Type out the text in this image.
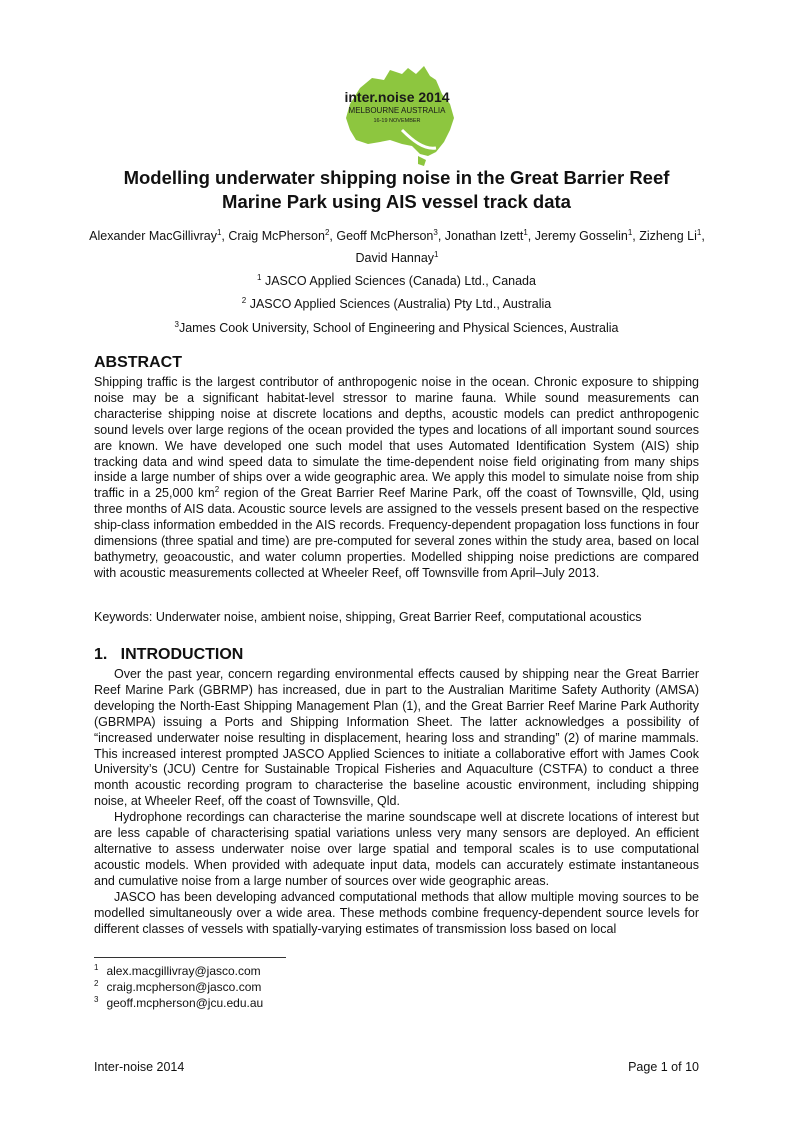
inter.noise 2014
MELBOURNE AUSTRALIA
16-19 NOVEMBER
Modelling underwater shipping noise in the Great Barrier Reef
Marine Park using AIS vessel track data
Alexander MacGillivray$^1$, Craig McPherson$^2$, Geoff McPherson$^3$, Jonathan Izett$^1$, Jeremy Gosselin$^1$, Zizheng Li$^1$,
David Hannay$^1$
$^1$ JASCO Applied Sciences (Canada) Ltd., Canada
$^2$ JASCO Applied Sciences (Australia) Pty Ltd., Australia
$^3$James Cook University, School of Engineering and Physical Sciences, Australia
ABSTRACT
Shipping traffic is the largest contributor of anthropogenic noise in the ocean. Chronic exposure to shipping noise may be a significant habitat-level stressor to marine fauna. While sound measurements can characterise shipping noise at discrete locations and depths, acoustic models can predict anthropogenic sound levels over large regions of the ocean provided the types and locations of all important sound sources are known. We have developed one such model that uses Automated Identification System (AIS) ship tracking data and wind speed data to simulate the time-dependent noise field originating from many ships inside a large number of ships over a wide geographic area. We apply this model to simulate noise from ship traffic in a 25,000 $km^2$ region of the Great Barrier Reef Marine Park, off the coast of Townsville, Qld, using three months of AIS data. Acoustic source levels are assigned to the vessels present based on the respective ship-class information embedded in the AIS records. Frequency-dependent propagation loss functions in four dimensions (three spatial and time) are pre-computed for several zones within the study area, based on local bathymetry, geoacoustic, and water column properties. Modelled shipping noise predictions are compared with acoustic measurements collected at Wheeler Reef, off Townsville from April–July 2013.
Keywords: Underwater noise, ambient noise, shipping, Great Barrier Reef, computational acoustics
1.   INTRODUCTION

Over the past year, concern regarding environmental effects caused by shipping near the Great Barrier Reef Marine Park (GBRMP) has increased, due in part to the Australian Maritime Safety Authority (AMSA) developing the North-East Shipping Management Plan (1), and the Great Barrier Reef Marine Park Authority (GBRMPA) issuing a Ports and Shipping Information Sheet. The latter acknowledges a possibility of “increased underwater noise resulting in displacement, hearing loss and stranding” (2) of marine mammals. This increased interest prompted JASCO Applied Sciences to initiate a collaborative effort with James Cook University’s (JCU) Centre for Sustainable Tropical Fisheries and Aquaculture (CSTFA) to conduct a three month acoustic recording program to characterise the baseline acoustic environment, including shipping noise, at Wheeler Reef, off the coast of Townsville, Qld.

Hydrophone recordings can characterise the marine soundscape well at discrete locations of interest but are less capable of characterising spatial variations unless very many sensors are deployed. An efficient alternative to assess underwater noise over large spatial and temporal scales is to use computational acoustic models. When provided with adequate input data, models can accurately estimate instantaneous and cumulative noise from a large number of sources over wide geographic areas.

JASCO has been developing advanced computational methods that allow multiple moving sources to be modelled simultaneously over a wide area. These methods combine frequency-dependent source levels for different classes of vessels with spatially-varying estimates of transmission loss based on local

$^1$ alex.macgillivray@jasco.com
$^2$ craig.mcpherson@jasco.com
$^3$ geoff.mcpherson@jcu.edu.au
Inter-noise 2014	Page 1 of 10
